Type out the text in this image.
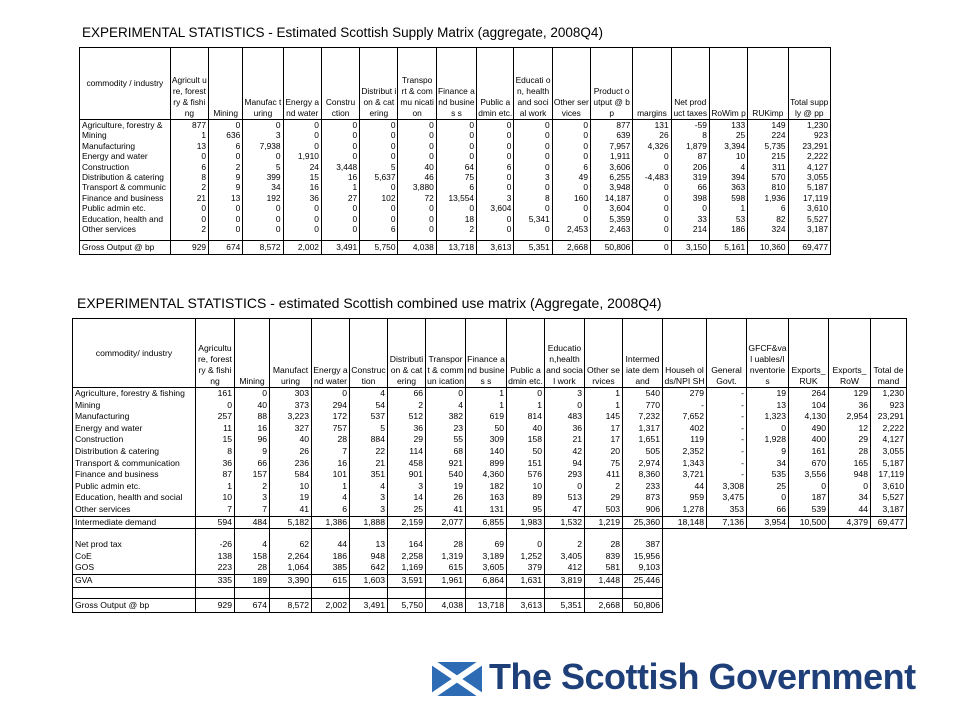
EXPERIMENTAL STATISTICS - Estimated Scottish Supply Matrix (aggregate, 2008Q4)
commodity / industry	Agricult ure, forestry & fishing	Mining	Manufac turing	Energy and water	Constru ction	Distribut ion & catering	Transpo rt & commu nication	Finance and busines s	Public admin etc.	Educati on, health and social work	Other services	Product output @ bp	margins	Net product taxes	RoWim p	RUKimp	Total supply @ pp
Agriculture, forestry &	877	0	0	0	0	0	0	0	0	0	0	877	131	-59	133	149	1,230
Mining	1	636	3	0	0	0	0	0	0	0	0	639	26	8	25	224	923
Manufacturing	13	6	7,938	0	0	0	0	0	0	0	0	7,957	4,326	1,879	3,394	5,735	23,291
Energy and water	0	0	0	1,910	0	0	0	0	0	0	0	1,911	0	87	10	215	2,222
Construction	6	2	5	24	3,448	5	40	64	6	0	6	3,606	0	206	4	311	4,127
Distribution & catering	8	9	399	15	16	5,637	46	75	0	3	49	6,255	-4,483	319	394	570	3,055
Transport & communic	2	9	34	16	1	0	3,880	6	0	0	0	3,948	0	66	363	810	5,187
Finance and business	21	13	192	36	27	102	72	13,554	3	8	160	14,187	0	398	598	1,936	17,119
Public admin etc.	0	0	0	0	0	0	0	0	3,604	0	0	3,604	0	0	1	6	3,610
Education, health and	0	0	0	0	0	0	0	18	0	5,341	0	5,359	0	33	53	82	5,527
Other services	2	0	0	0	0	6	0	2	0	0	2,453	2,463	0	214	186	324	3,187

Gross Output @ bp	929	674	8,572	2,002	3,491	5,750	4,038	13,718	3,613	5,351	2,668	50,806	0	3,150	5,161	10,360	69,477
EXPERIMENTAL STATISTICS - estimated Scottish combined use matrix (Aggregate, 2008Q4)
commodity/ industry	Agricultu re, forestry & fishing	Mining	Manufact uring	Energy and water	Construc tion	Distributi on & catering	Transpor t & commun ication	Finance and busines s	Public admin etc.	Educatio n,health and social work	Other services	Intermed iate demand	Househ olds/NPI SH	General Govt.	GFCF&val uables/I nventorie s	Exports_ RUK	Exports_ RoW	Total demand
Agriculture, forestry & fishing	161	0	303	0	4	66	0	1	0	3	1	540	279	-	19	264	129	1,230
Mining	0	40	373	294	54	2	4	1	1	0	1	770	-	-	13	104	36	923
Manufacturing	257	88	3,223	172	537	512	382	619	814	483	145	7,232	7,652	-	1,323	4,130	2,954	23,291
Energy and water	11	16	327	757	5	36	23	50	40	36	17	1,317	402	-	0	490	12	2,222
Construction	15	96	40	28	884	29	55	309	158	21	17	1,651	119	-	1,928	400	29	4,127
Distribution & catering	8	9	26	7	22	114	68	140	50	42	20	505	2,352	-	9	161	28	3,055
Transport & communication	36	66	236	16	21	458	921	899	151	94	75	2,974	1,343	-	34	670	165	5,187
Finance and business	87	157	584	101	351	901	540	4,360	576	293	411	8,360	3,721	-	535	3,556	948	17,119
Public admin etc.	1	2	10	1	4	3	19	182	10	0	2	233	44	3,308	25	0	0	3,610
Education, health and social	10	3	19	4	3	14	26	163	89	513	29	873	959	3,475	0	187	34	5,527
Other services	7	7	41	6	3	25	41	131	95	47	503	906	1,278	353	66	539	44	3,187
Intermediate demand	594	484	5,182	1,386	1,888	2,159	2,077	6,855	1,983	1,532	1,219	25,360	18,148	7,136	3,954	10,500	4,379	69,477

Net prod tax	-26	4	62	44	13	164	28	69	0	2	28	387						
CoE	138	158	2,264	186	948	2,258	1,319	3,189	1,252	3,405	839	15,956						
GOS	223	28	1,064	385	642	1,169	615	3,605	379	412	581	9,103						
GVA	335	189	3,390	615	1,603	3,591	1,961	6,864	1,631	3,819	1,448	25,446						

Gross Output @ bp	929	674	8,572	2,002	3,491	5,750	4,038	13,718	3,613	5,351	2,668	50,806						
The Scottish Government
